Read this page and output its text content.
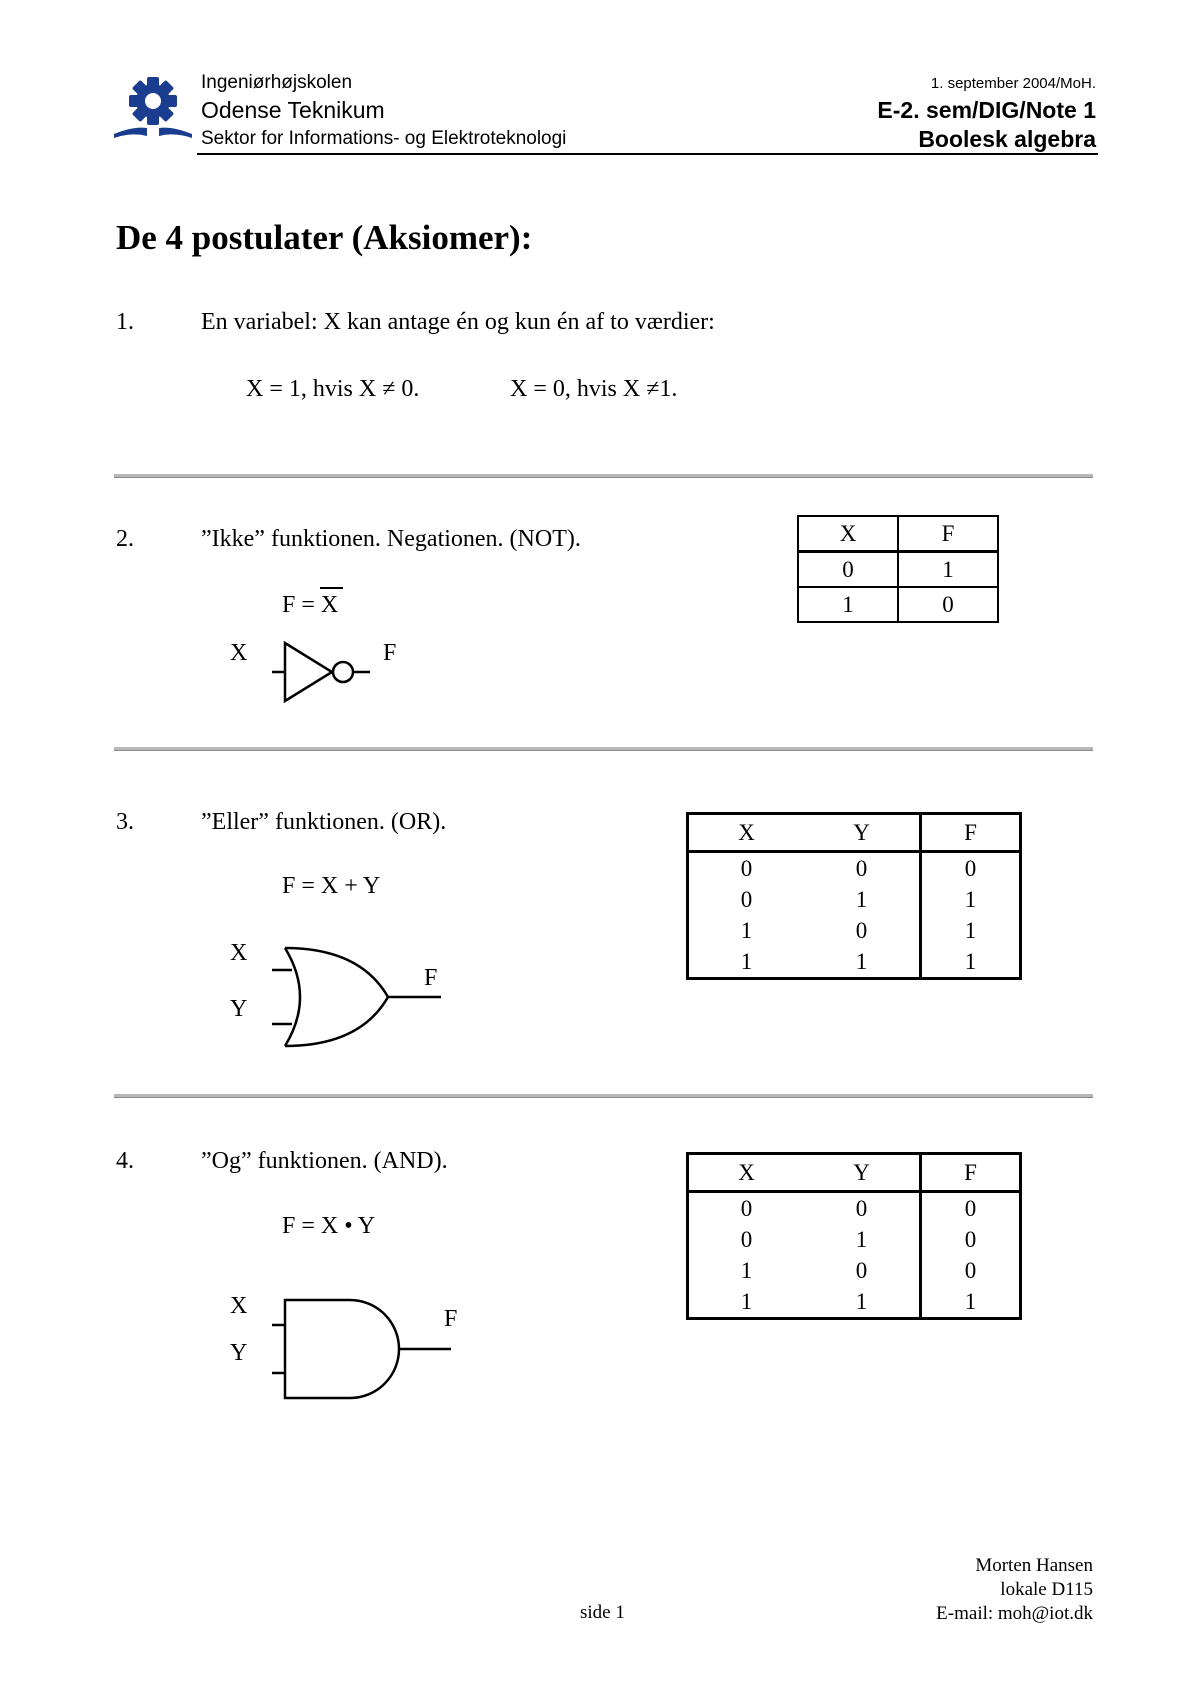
Ingeniørhøjskolen
Odense Teknikum
Sektor for Informations- og Elektroteknologi
1. september 2004/MoH.
E-2. sem/DIG/Note 1
Boolesk algebra
De 4 postulater (Aksiomer):
1.	En variabel: X kan antage én og kun én af to værdier:
X = 1, hvis X ≠ 0.	X = 0, hvis X ≠1.
2.	”Ikke” funktionen. Negationen. (NOT).
F = X
X	F
X	F
0	1
1	0
3.	”Eller” funktionen. (OR).
F = X + Y
X
Y
F
X	Y	F
0	0	0
0	1	1
1	0	1
1	1	1
4.	”Og” funktionen. (AND).
F = X • Y
X
Y
F
X	Y	F
0	0	0
0	1	0
1	0	0
1	1	1
Morten Hansen
lokale D115
E-mail: moh@iot.dk
side 1
